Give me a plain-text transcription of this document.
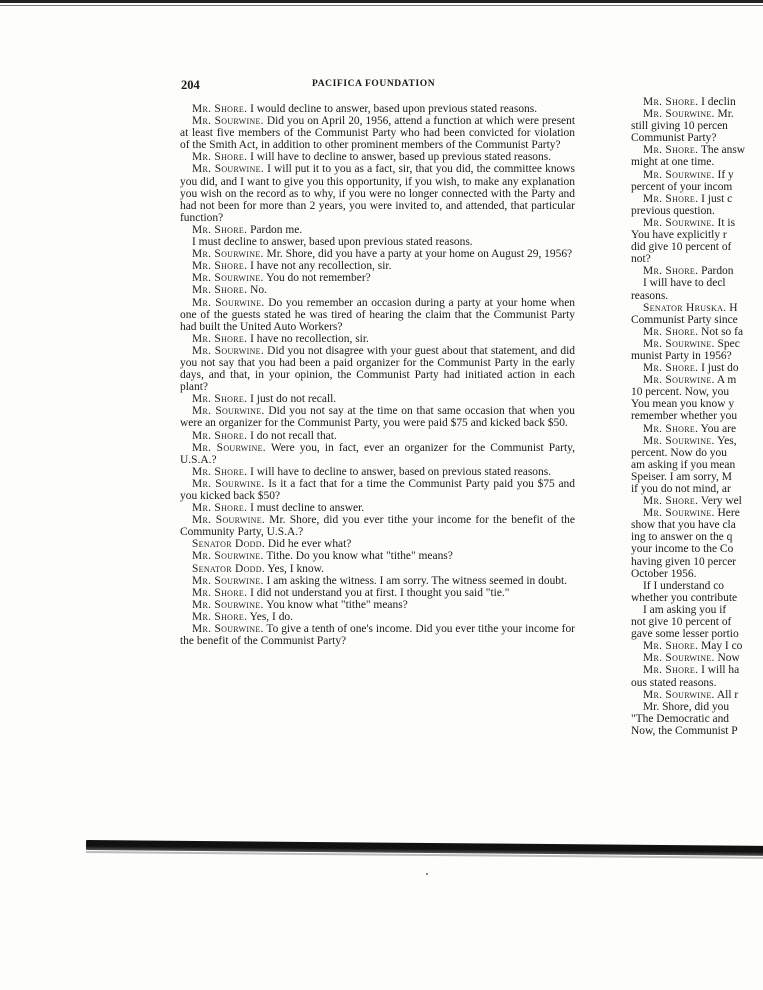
204	PACIFICA FOUNDATION

Mr. Shore. I would decline to answer, based upon previous stated reasons.

Mr. Sourwine. Did you on April 20, 1956, attend a function at which were present at least five members of the Communist Party who had been convicted for violation of the Smith Act, in addition to other prominent members of the Communist Party?

Mr. Shore. I will have to decline to answer, based up previous stated reasons.

Mr. Sourwine. I will put it to you as a fact, sir, that you did, the committee knows you did, and I want to give you this opportunity, if you wish, to make any explanation you wish on the record as to why, if you were no longer connected with the Party and had not been for more than 2 years, you were invited to, and attended, that particular function?

Mr. Shore. Pardon me.

I must decline to answer, based upon previous stated reasons.

Mr. Sourwine. Mr. Shore, did you have a party at your home on August 29, 1956?

Mr. Shore. I have not any recollection, sir.

Mr. Sourwine. You do not remember?

Mr. Shore. No.

Mr. Sourwine. Do you remember an occasion during a party at your home when one of the guests stated he was tired of hearing the claim that the Communist Party had built the United Auto Workers?

Mr. Shore. I have no recollection, sir.

Mr. Sourwine. Did you not disagree with your guest about that statement, and did you not say that you had been a paid organizer for the Communist Party in the early days, and that, in your opinion, the Communist Party had initiated action in each plant?

Mr. Shore. I just do not recall.

Mr. Sourwine. Did you not say at the time on that same occasion that when you were an organizer for the Communist Party, you were paid $75 and kicked back $50.

Mr. Shore. I do not recall that.

Mr. Sourwine. Were you, in fact, ever an organizer for the Communist Party, U.S.A.?

Mr. Shore. I will have to decline to answer, based on previous stated reasons.

Mr. Sourwine. Is it a fact that for a time the Communist Party paid you $75 and you kicked back $50?

Mr. Shore. I must decline to answer.

Mr. Sourwine. Mr. Shore, did you ever tithe your income for the benefit of the Community Party, U.S.A.?

Senator Dodd. Did he ever what?

Mr. Sourwine. Tithe. Do you know what "tithe" means?

Senator Dodd. Yes, I know.

Mr. Sourwine. I am asking the witness. I am sorry. The witness seemed in doubt.

Mr. Shore. I did not understand you at first. I thought you said "tie."

Mr. Sourwine. You know what "tithe" means?

Mr. Shore. Yes, I do.

Mr. Sourwine. To give a tenth of one's income. Did you ever tithe your income for the benefit of the Communist Party?

Mr. Shore. I declin
Mr. Sourwine. Mr.
still giving 10 percen
Communist Party?
Mr. Shore. The answ
might at one time.
Mr. Sourwine. If y
percent of your incom
Mr. Shore. I just c
previous question.
Mr. Sourwine. It is
You have explicitly r
did give 10 percent of
not?
Mr. Shore. Pardon
I will have to decl
reasons.
Senator Hruska. H
Communist Party since
Mr. Shore. Not so fa
Mr. Sourwine. Spec
munist Party in 1956?
Mr. Shore. I just do
Mr. Sourwine. A m
10 percent. Now, you
You mean you know y
remember whether you
Mr. Shore. You are
Mr. Sourwine. Yes,
percent. Now do you
am asking if you mean
Speiser. I am sorry, M
if you do not mind, ar
Mr. Shore. Very wel
Mr. Sourwine. Here
show that you have cla
ing to answer on the q
your income to the Co
having given 10 percer
October 1956.
If I understand co
whether you contribute
I am asking you if
not give 10 percent of
gave some lesser portio
Mr. Shore. May I co
Mr. Sourwine. Now
Mr. Shore. I will ha
ous stated reasons.
Mr. Sourwine. All r
Mr. Shore, did you
"The Democratic and
Now, the Communist P
